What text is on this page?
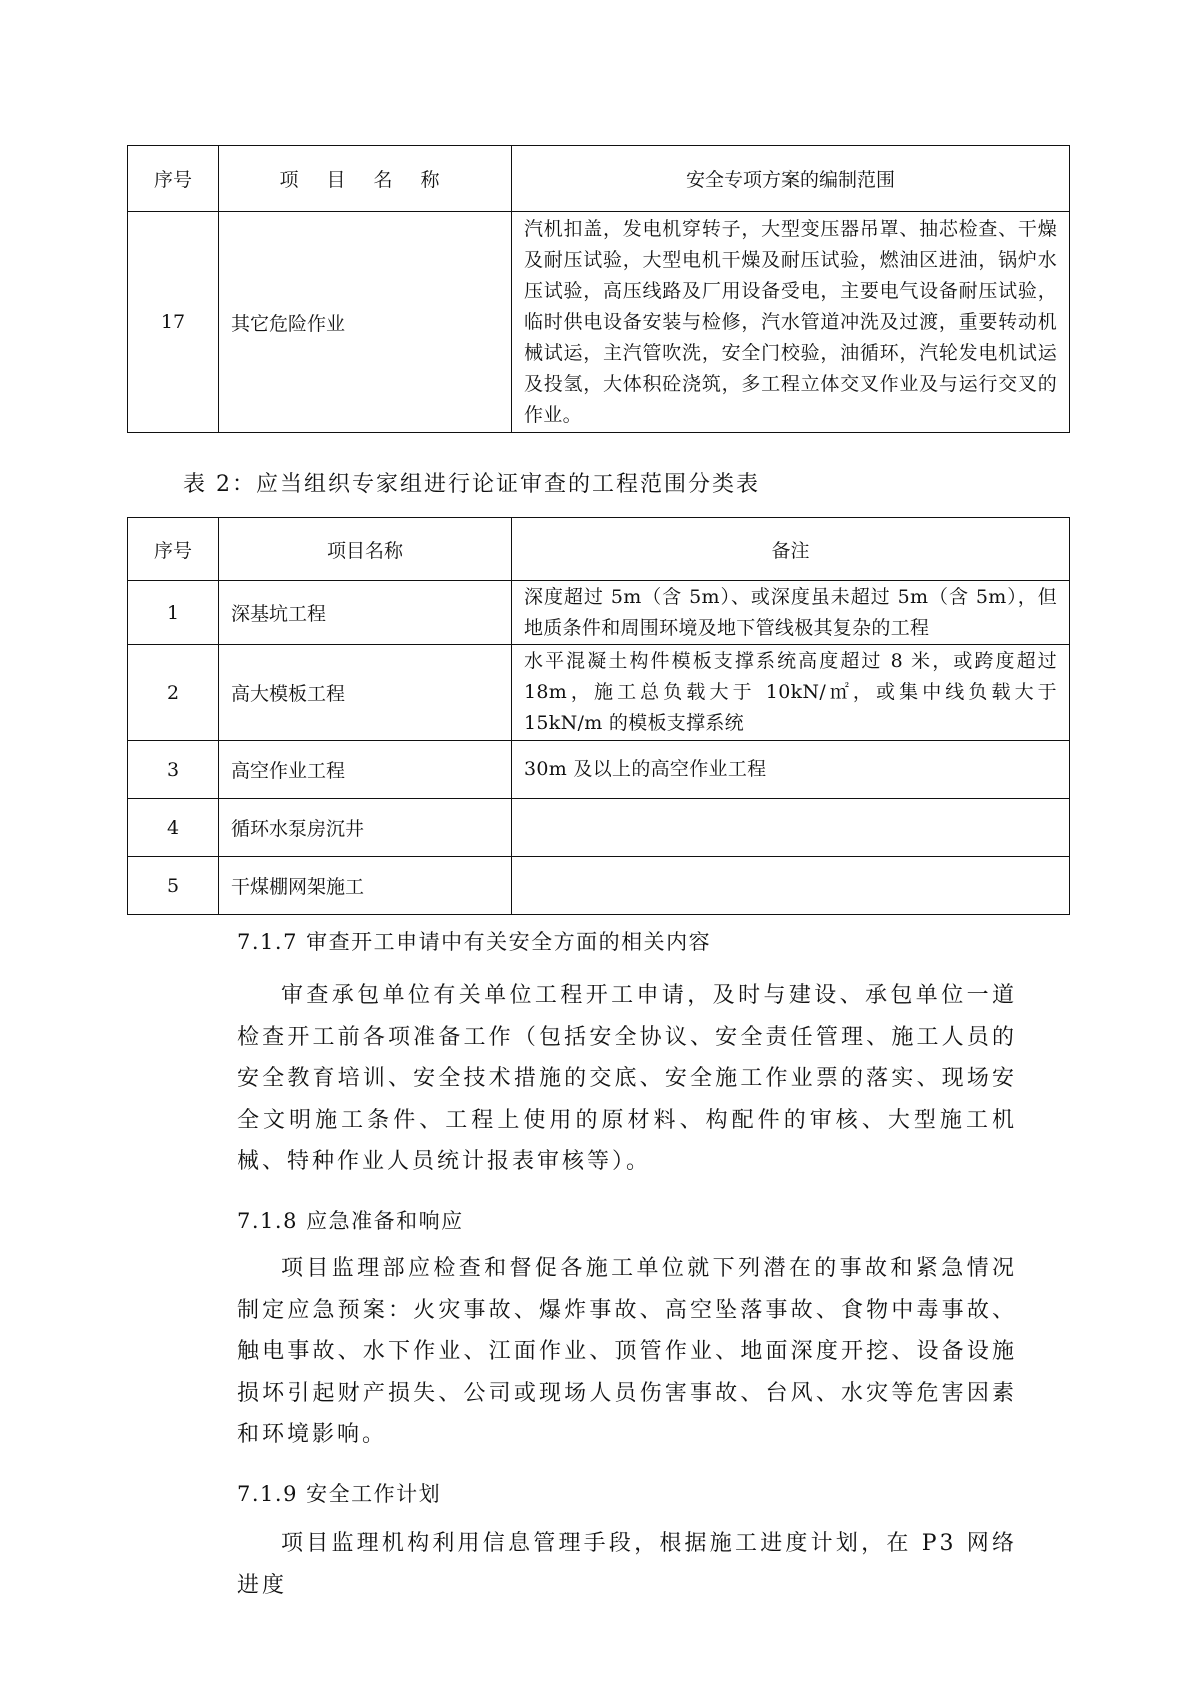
序号	项 目 名 称	安全专项方案的编制范围
17	其它危险作业	汽机扣盖，发电机穿转子，大型变压器吊罩、抽芯检查、干燥及耐压试验，大型电机干燥及耐压试验，燃油区进油，锅炉水压试验，高压线路及厂用设备受电，主要电气设备耐压试验，临时供电设备安装与检修，汽水管道冲洗及过渡，重要转动机械试运，主汽管吹洗，安全门校验，油循环，汽轮发电机试运及投氢，大体积砼浇筑，多工程立体交叉作业及与运行交叉的作业。
表 2：应当组织专家组进行论证审查的工程范围分类表
序号	项目名称	备注
1	深基坑工程	深度超过 5m（含 5m）、或深度虽未超过 5m（含 5m），但地质条件和周围环境及地下管线极其复杂的工程
2	高大模板工程	水平混凝土构件模板支撑系统高度超过 8 米，或跨度超过 18m，施工总负载大于 10kN/㎡，或集中线负载大于 15kN/m 的模板支撑系统
3	高空作业工程	30m 及以上的高空作业工程
4	循环水泵房沉井	
5	干煤棚网架施工	
7.1.7 审查开工申请中有关安全方面的相关内容
审查承包单位有关单位工程开工申请，及时与建设、承包单位一道检查开工前各项准备工作（包括安全协议、安全责任管理、施工人员的安全教育培训、安全技术措施的交底、安全施工作业票的落实、现场安全文明施工条件、工程上使用的原材料、构配件的审核、大型施工机械、特种作业人员统计报表审核等）。
7.1.8 应急准备和响应
项目监理部应检查和督促各施工单位就下列潜在的事故和紧急情况制定应急预案：火灾事故、爆炸事故、高空坠落事故、食物中毒事故、触电事故、水下作业、江面作业、顶管作业、地面深度开挖、设备设施损坏引起财产损失、公司或现场人员伤害事故、台风、水灾等危害因素和环境影响。
7.1.9 安全工作计划
项目监理机构利用信息管理手段，根据施工进度计划，在 P3 网络进度
